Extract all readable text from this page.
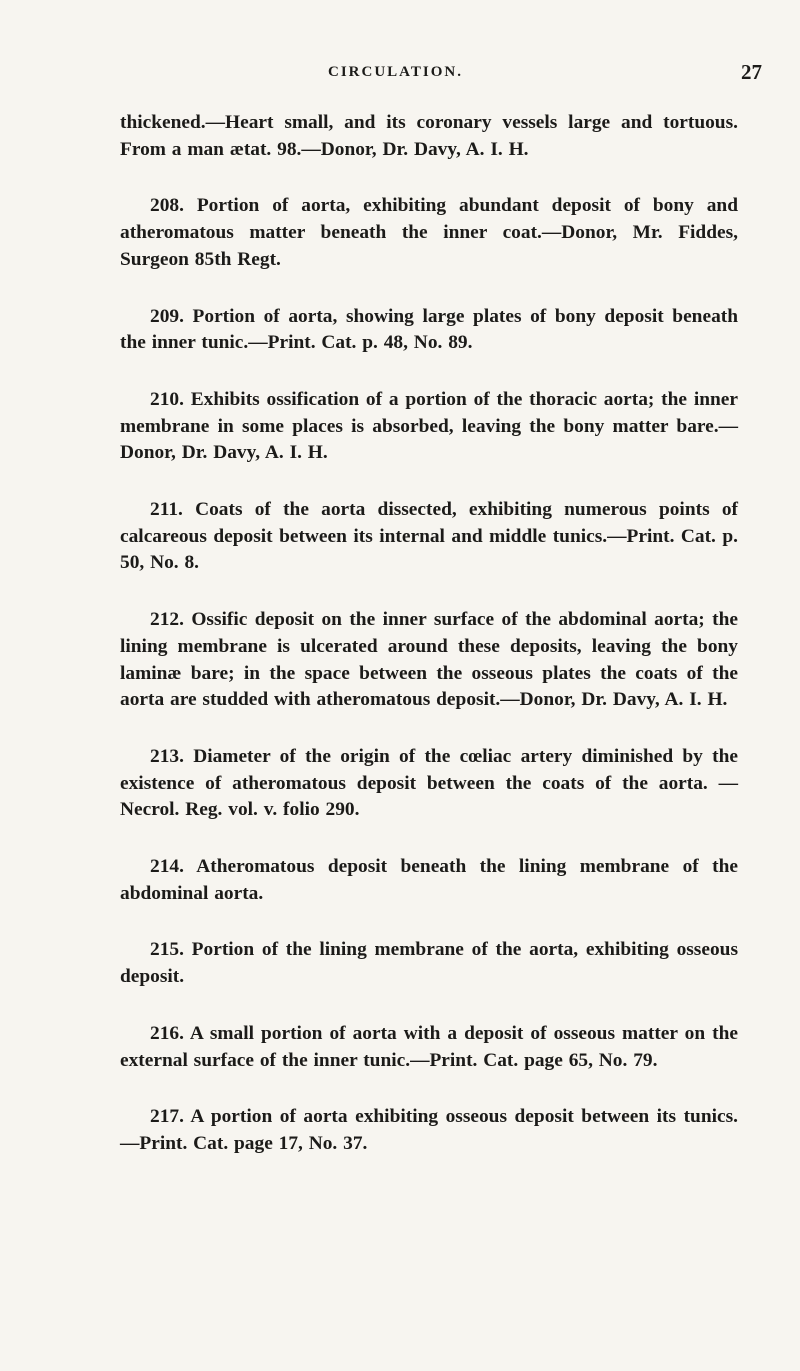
CIRCULATION.	27

thickened.—Heart small, and its coronary vessels large and tortuous. From a man ætat. 98.—Donor, Dr. Davy, A. I. H.

208. Portion of aorta, exhibiting abundant deposit of bony and atheromatous matter beneath the inner coat.—Donor, Mr. Fiddes, Surgeon 85th Regt.

209. Portion of aorta, showing large plates of bony deposit beneath the inner tunic.—Print. Cat. p. 48, No. 89.

210. Exhibits ossification of a portion of the thoracic aorta; the inner membrane in some places is absorbed, leaving the bony matter bare.—Donor, Dr. Davy, A. I. H.

211. Coats of the aorta dissected, exhibiting numerous points of calcareous deposit between its internal and middle tunics.—Print. Cat. p. 50, No. 8.

212. Ossific deposit on the inner surface of the abdominal aorta; the lining membrane is ulcerated around these deposits, leaving the bony laminæ bare; in the space between the osseous plates the coats of the aorta are studded with atheromatous deposit.—Donor, Dr. Davy, A. I. H.

213. Diameter of the origin of the cœliac artery diminished by the existence of atheromatous deposit between the coats of the aorta. —Necrol. Reg. vol. v. folio 290.

214. Atheromatous deposit beneath the lining membrane of the abdominal aorta.

215. Portion of the lining membrane of the aorta, exhibiting osseous deposit.

216. A small portion of aorta with a deposit of osseous matter on the external surface of the inner tunic.—Print. Cat. page 65, No. 79.

217. A portion of aorta exhibiting osseous deposit between its tunics.—Print. Cat. page 17, No. 37.
